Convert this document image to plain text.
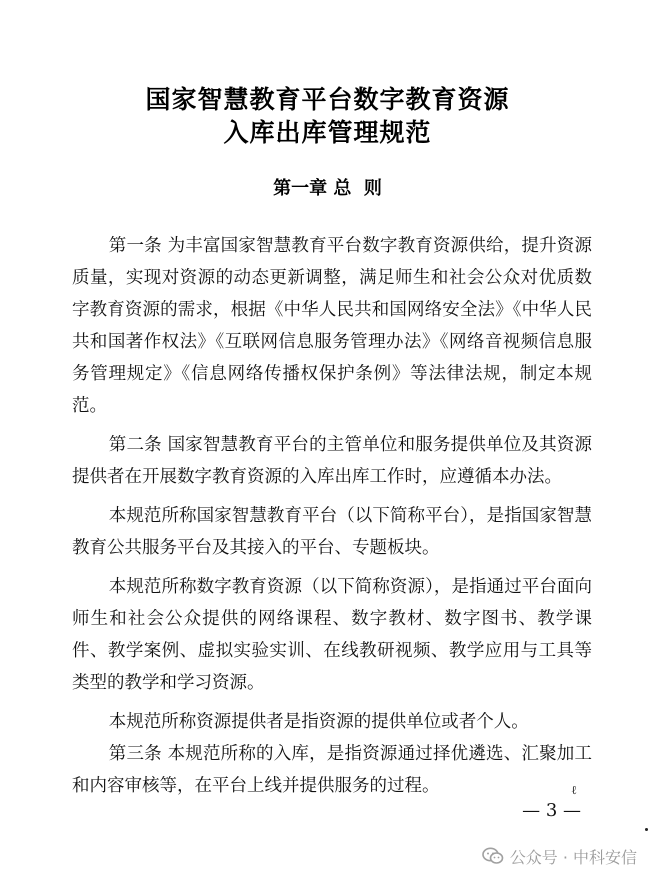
国家智慧教育平台数字教育资源
入库出库管理规范
第一章 总  则

第一条 为丰富国家智慧教育平台数字教育资源供给，提升资源质量，实现对资源的动态更新调整，满足师生和社会公众对优质数字教育资源的需求，根据《中华人民共和国网络安全法》《中华人民共和国著作权法》《互联网信息服务管理办法》《网络音视频信息服务管理规定》《信息网络传播权保护条例》等法律法规，制定本规范。

第二条 国家智慧教育平台的主管单位和服务提供单位及其资源提供者在开展数字教育资源的入库出库工作时，应遵循本办法。

本规范所称国家智慧教育平台（以下简称平台），是指国家智慧教育公共服务平台及其接入的平台、专题板块。

本规范所称数字教育资源（以下简称资源），是指通过平台面向师生和社会公众提供的网络课程、数字教材、数字图书、教学课件、教学案例、虚拟实验实训、在线教研视频、教学应用与工具等类型的教学和学习资源。

本规范所称资源提供者是指资源的提供单位或者个人。

第三条 本规范所称的入库，是指资源通过择优遴选、汇聚加工和内容审核等，在平台上线并提供服务的过程。	ℓ
— 3 —
公众号 · 中科安信
